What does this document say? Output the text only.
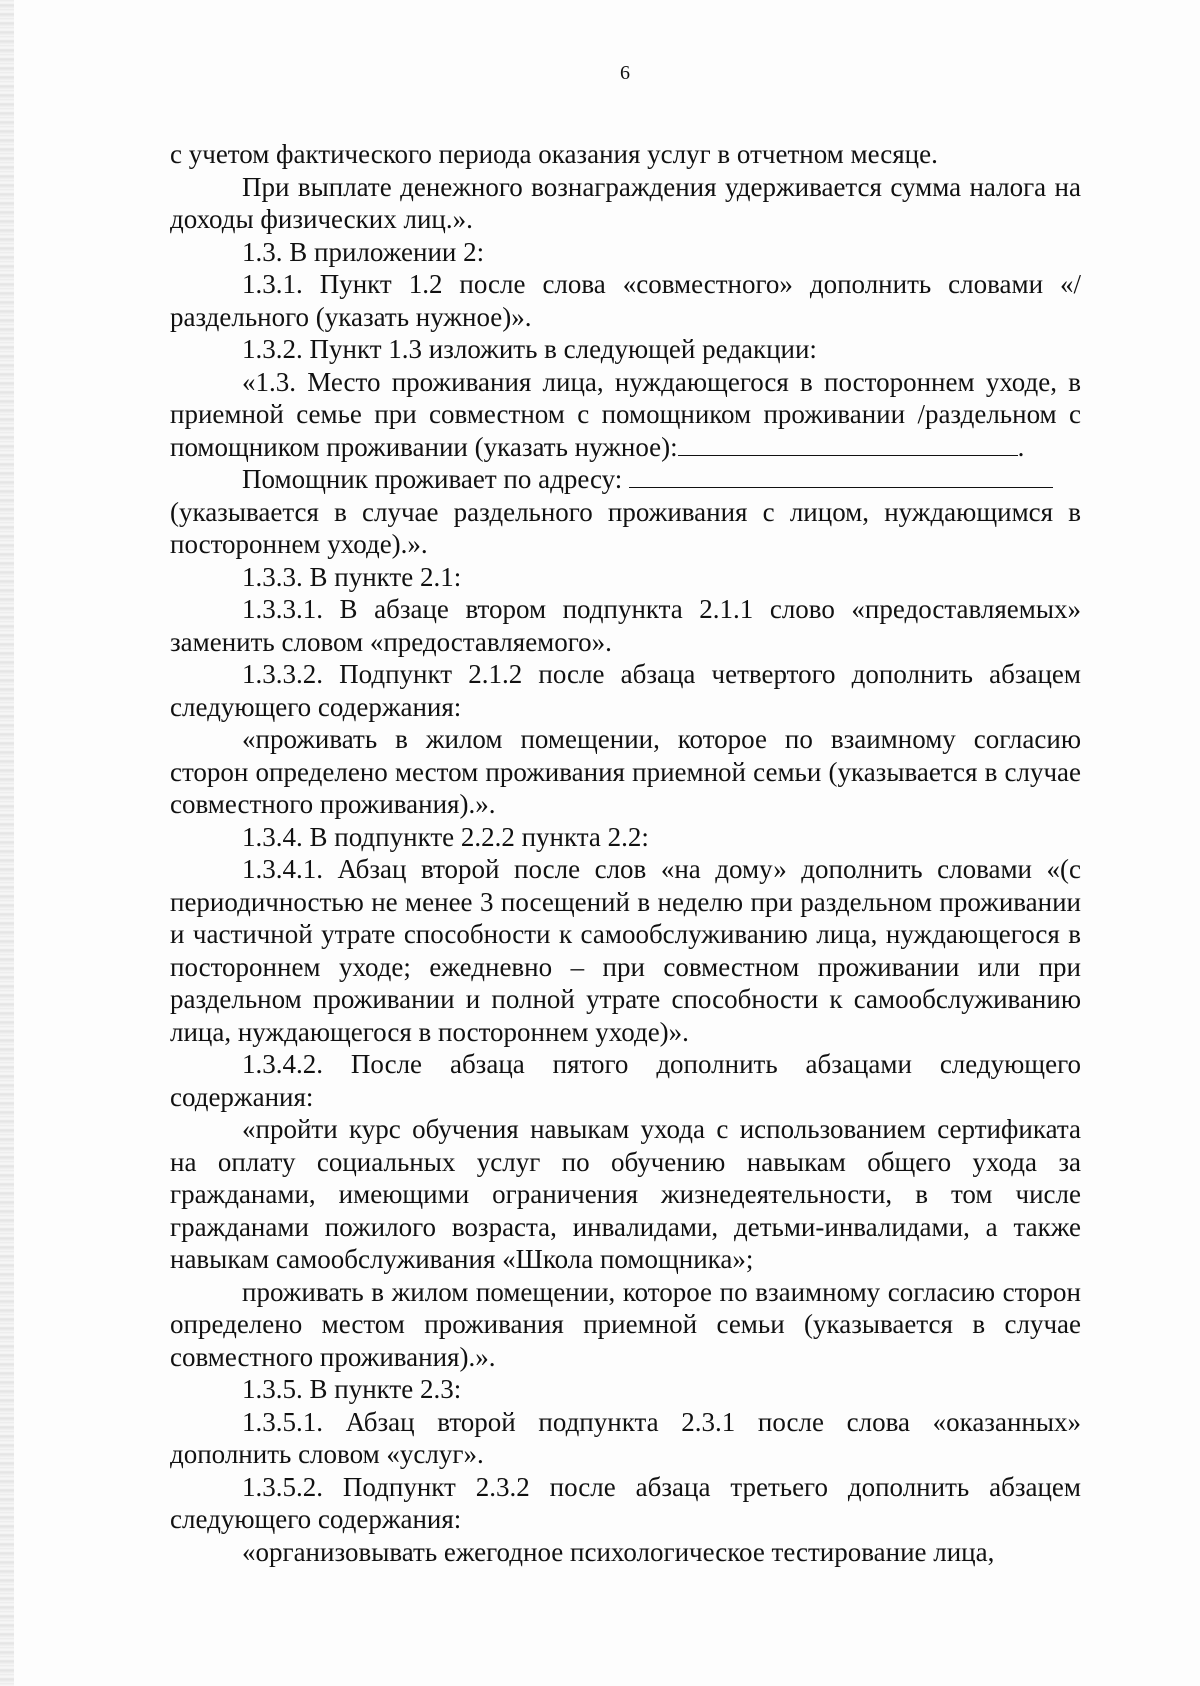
6

с учетом фактического периода оказания услуг в отчетном месяце.

При выплате денежного вознаграждения удерживается сумма налога на доходы физических лиц.».

1.3. В приложении 2:

1.3.1. Пункт 1.2 после слова «совместного» дополнить словами «/раздельного (указать нужное)».

1.3.2. Пункт 1.3 изложить в следующей редакции:

«1.3. Место проживания лица, нуждающегося в постороннем уходе, в приемной семье при совместном с помощником проживании /раздельном с помощником проживании (указать нужное):	.

Помощник проживает по адресу:

(указывается в случае раздельного проживания с лицом, нуждающимся в постороннем уходе).».

1.3.3. В пункте 2.1:

1.3.3.1. В абзаце втором подпункта 2.1.1 слово «предоставляемых» заменить словом «предоставляемого».

1.3.3.2. Подпункт 2.1.2 после абзаца четвертого дополнить абзацем следующего содержания:

«проживать в жилом помещении, которое по взаимному согласию сторон определено местом проживания приемной семьи (указывается в случае совместного проживания).».

1.3.4. В подпункте 2.2.2 пункта 2.2:

1.3.4.1. Абзац второй после слов «на дому» дополнить словами «(с периодичностью не менее 3 посещений в неделю при раздельном проживании и частичной утрате способности к самообслуживанию лица, нуждающегося в постороннем уходе; ежедневно – при совместном проживании или при раздельном проживании и полной утрате способности к самообслуживанию лица, нуждающегося в постороннем уходе)».

1.3.4.2. После абзаца пятого дополнить абзацами следующего содержания:

«пройти курс обучения навыкам ухода с использованием сертификата на оплату социальных услуг по обучению навыкам общего ухода за гражданами, имеющими ограничения жизнедеятельности, в том числе гражданами пожилого возраста, инвалидами, детьми-инвалидами, а также навыкам самообслуживания «Школа помощника»;

проживать в жилом помещении, которое по взаимному согласию сторон определено местом проживания приемной семьи (указывается в случае совместного проживания).».

1.3.5. В пункте 2.3:

1.3.5.1. Абзац второй подпункта 2.3.1 после слова «оказанных» дополнить словом «услуг».

1.3.5.2. Подпункт 2.3.2 после абзаца третьего дополнить абзацем следующего содержания:

«организовывать ежегодное психологическое тестирование лица,
